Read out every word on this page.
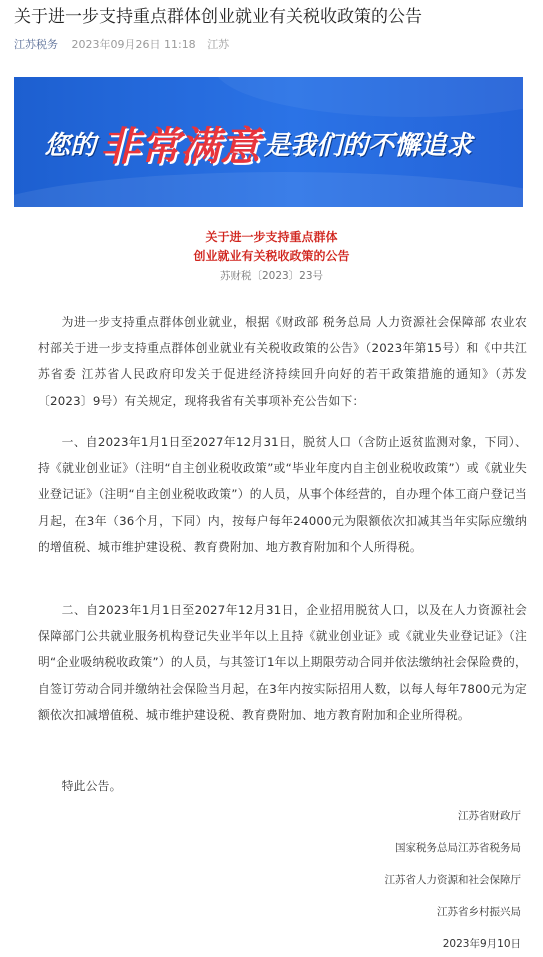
关于进一步支持重点群体创业就业有关税收政策的公告
江苏税务 2023年09月26日 11:18 江苏
您的 非常满意 是我们的不懈追求
关于进一步支持重点群体
创业就业有关税收政策的公告
苏财税〔2023〕23号

为进一步支持重点群体创业就业，根据《财政部 税务总局 人力资源社会保障部 农业农村部关于进一步支持重点群体创业就业有关税收政策的公告》（2023年第15号）和《中共江苏省委 江苏省人民政府印发关于促进经济持续回升向好的若干政策措施的通知》（苏发〔2023〕9号）有关规定，现将我省有关事项补充公告如下：

一、自2023年1月1日至2027年12月31日，脱贫人口（含防止返贫监测对象，下同）、持《就业创业证》（注明“自主创业税收政策”或“毕业年度内自主创业税收政策”）或《就业失业登记证》（注明“自主创业税收政策”）的人员，从事个体经营的，自办理个体工商户登记当月起，在3年（36个月，下同）内，按每户每年24000元为限额依次扣减其当年实际应缴纳的增值税、城市维护建设税、教育费附加、地方教育附加和个人所得税。

二、自2023年1月1日至2027年12月31日，企业招用脱贫人口，以及在人力资源社会保障部门公共就业服务机构登记失业半年以上且持《就业创业证》或《就业失业登记证》（注明“企业吸纳税收政策”）的人员，与其签订1年以上期限劳动合同并依法缴纳社会保险费的，自签订劳动合同并缴纳社会保险当月起，在3年内按实际招用人数，以每人每年7800元为定额依次扣减增值税、城市维护建设税、教育费附加、地方教育附加和企业所得税。

特此公告。

江苏省财政厅
国家税务总局江苏省税务局
江苏省人力资源和社会保障厅
江苏省乡村振兴局
2023年9月10日
